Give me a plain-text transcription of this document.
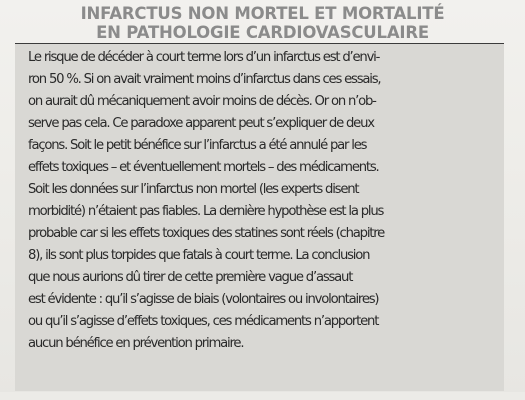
INFARCTUS NON MORTEL ET MORTALITÉ
EN PATHOLOGIE CARDIOVASCULAIRE

Le risque de décéder à court terme lors d’un infarctus est d’envi-
ron 50 %. Si on avait vraiment moins d’infarctus dans ces essais,
on aurait dû mécaniquement avoir moins de décès. Or on n’ob-
serve pas cela. Ce paradoxe apparent peut s’expliquer de deux
façons. Soit le petit bénéfice sur l’infarctus a été annulé par les
effets toxiques – et éventuellement mortels – des médicaments.
Soit les données sur l’infarctus non mortel (les experts disent
morbidité) n’étaient pas fiables. La dernière hypothèse est la plus
probable car si les effets toxiques des statines sont réels (chapitre
8), ils sont plus torpides que fatals à court terme. La conclusion
que nous aurions dû tirer de cette première vague d’assaut
est évidente : qu’il s’agisse de biais (volontaires ou involontaires)
ou qu’il s’agisse d’effets toxiques, ces médicaments n’apportent
aucun bénéfice en prévention primaire.
